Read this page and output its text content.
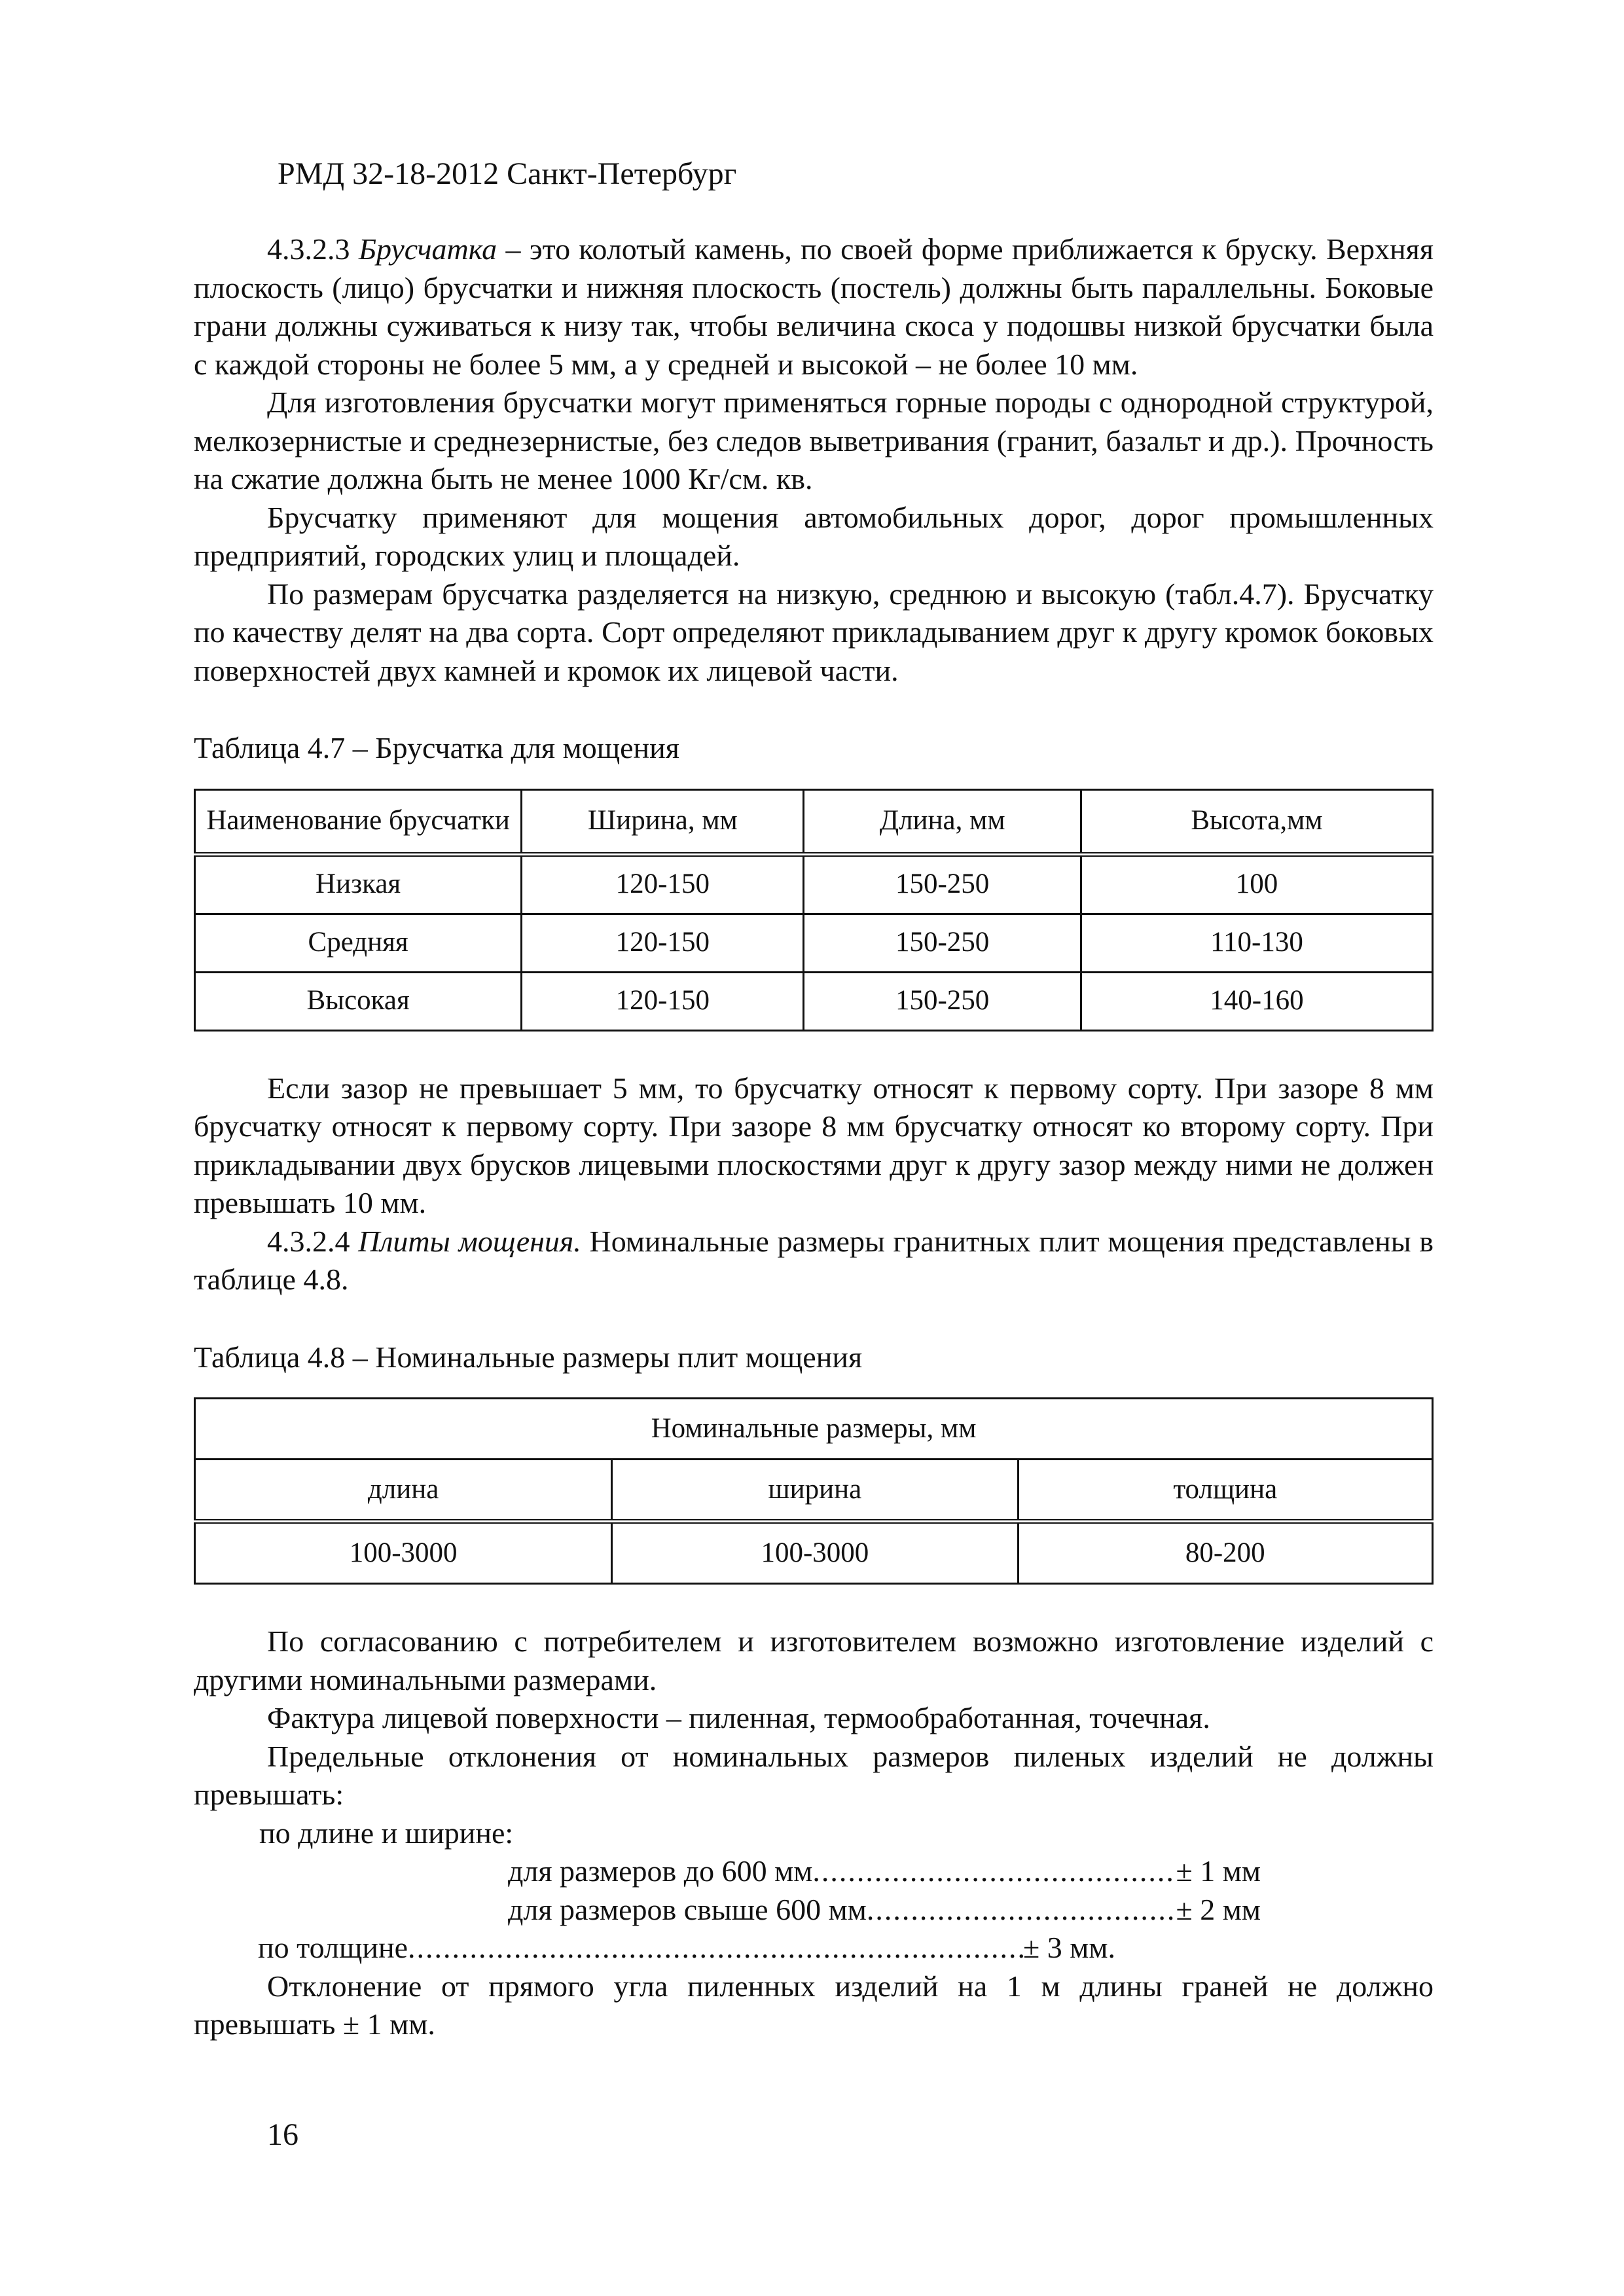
РМД 32-18-2012 Санкт-Петербург

4.3.2.3 Брусчатка – это колотый камень, по своей форме приближается к бруску. Верхняя плоскость (лицо) брусчатки и нижняя плоскость (постель) должны быть параллельны. Боковые грани должны суживаться к низу так, чтобы величина скоса у подошвы низкой брусчатки была с каждой стороны не более 5 мм, а у средней и высокой – не более 10 мм.

Для изготовления брусчатки могут применяться горные породы с однородной структурой, мелкозернистые и среднезернистые, без следов выветривания (гранит, базальт и др.). Прочность на сжатие должна быть не менее 1000 Кг/см. кв.

Брусчатку применяют для мощения автомобильных дорог, дорог промышленных предприятий, городских улиц и площадей.

По размерам брусчатка разделяется на низкую, среднюю и высокую (табл.4.7). Брусчатку по качеству делят на два сорта. Сорт определяют прикладыванием друг к другу кромок боковых поверхностей двух камней и кромок их лицевой части.

Таблица 4.7 – Брусчатка для мощения
Наименование брусчатки	Ширина, мм	Длина, мм	Высота,мм
Низкая	120-150	150-250	100
Средняя	120-150	150-250	110-130
Высокая	120-150	150-250	140-160

Если зазор не превышает 5 мм, то брусчатку относят к первому сорту. При зазоре 8 мм брусчатку относят к первому сорту. При зазоре 8 мм брусчатку относят ко второму сорту. При прикладывании двух брусков лицевыми плоскостями друг к другу зазор между ними не должен превышать 10 мм.

4.3.2.4 Плиты мощения. Номинальные размеры гранитных плит мощения представлены в таблице 4.8.

Таблица 4.8 – Номинальные размеры плит мощения
Номинальные размеры, мм		
длина	ширина	толщина
100-3000	100-3000	80-200

По согласованию с потребителем и изготовителем возможно изготовление изделий с другими номинальными размерами.

Фактура лицевой поверхности – пиленная, термообработанная, точечная.

Предельные отклонения от номинальных размеров пиленых изделий не должны превышать:

по длине и ширине:
для размеров до 600 мм .....	± 1 мм
для размеров свыше 600 мм .....	± 2 мм
по толщине .....	± 3 мм.

Отклонение от прямого угла пиленных изделий на 1 м длины граней не должно превышать ± 1 мм.

16
